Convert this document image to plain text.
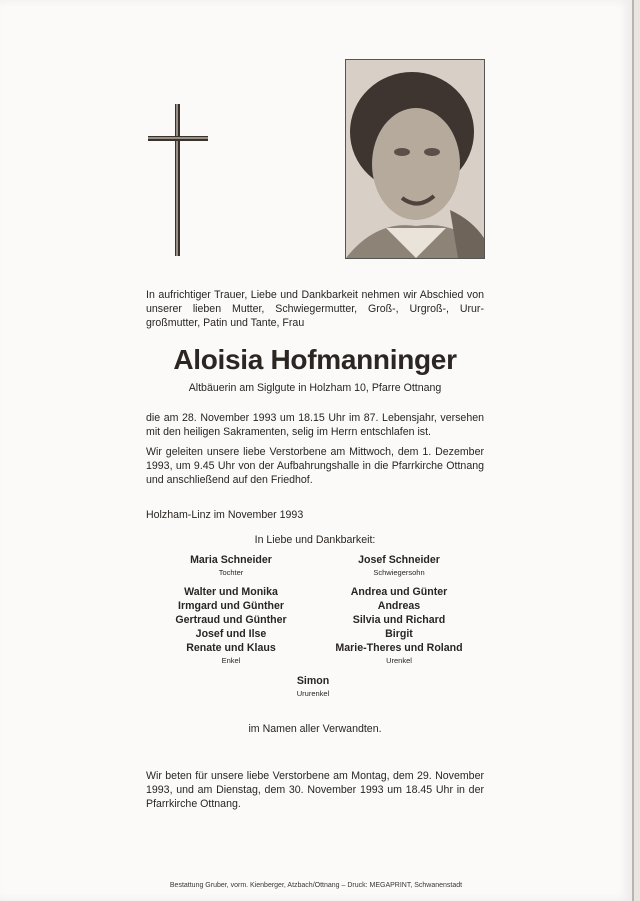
In aufrichtiger Trauer, Liebe und Dankbarkeit nehmen wir Abschied von unserer lieben Mutter, Schwiegermutter, Groß-, Urgroß-, Ururgroßmutter, Patin und Tante, Frau
Aloisia Hofmanninger
Altbäuerin am Siglgute in Holzham 10, Pfarre Ottnang
die am 28. November 1993 um 18.15 Uhr im 87. Lebensjahr, versehen mit den heiligen Sakramenten, selig im Herrn entschlafen ist.
Wir geleiten unsere liebe Verstorbene am Mittwoch, dem 1. Dezember 1993, um 9.45 Uhr von der Aufbahrungshalle in die Pfarrkirche Ottnang und anschließend auf den Friedhof.
Holzham-Linz im November 1993
In Liebe und Dankbarkeit:
Maria Schneider
Tochter
Walter und Monika
Irmgard und Günther
Gertraud und Günther
Josef und Ilse
Renate und Klaus
Enkel
Josef Schneider
Schwiegersohn
Andrea und Günter
Andreas
Silvia und Richard
Birgit
Marie-Theres und Roland
Urenkel
Simon
Ururenkel
im Namen aller Verwandten.
Wir beten für unsere liebe Verstorbene am Montag, dem 29. November 1993, und am Dienstag, dem 30. November 1993 um 18.45 Uhr in der Pfarrkirche Ottnang.
Bestattung Gruber, vorm. Kienberger, Atzbach/Ottnang – Druck: MEGAPRINT, Schwanenstadt
